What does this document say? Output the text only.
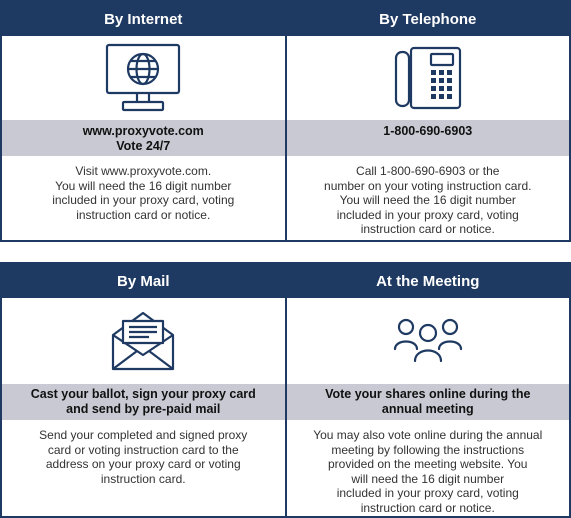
By Internet
www.proxyvote.com
Vote 24/7
Visit www.proxyvote.com.
You will need the 16 digit number
included in your proxy card, voting
instruction card or notice.
By Telephone
1-800-690-6903
Call 1-800-690-6903 or the
number on your voting instruction card.
You will need the 16 digit number
included in your proxy card, voting
instruction card or notice.
By Mail
Cast your ballot, sign your proxy card
and send by pre-paid mail
Send your completed and signed proxy
card or voting instruction card to the
address on your proxy card or voting
instruction card.
At the Meeting
Vote your shares online during the
annual meeting
You may also vote online during the annual
meeting by following the instructions
provided on the meeting website. You
will need the 16 digit number
included in your proxy card, voting
instruction card or notice.
